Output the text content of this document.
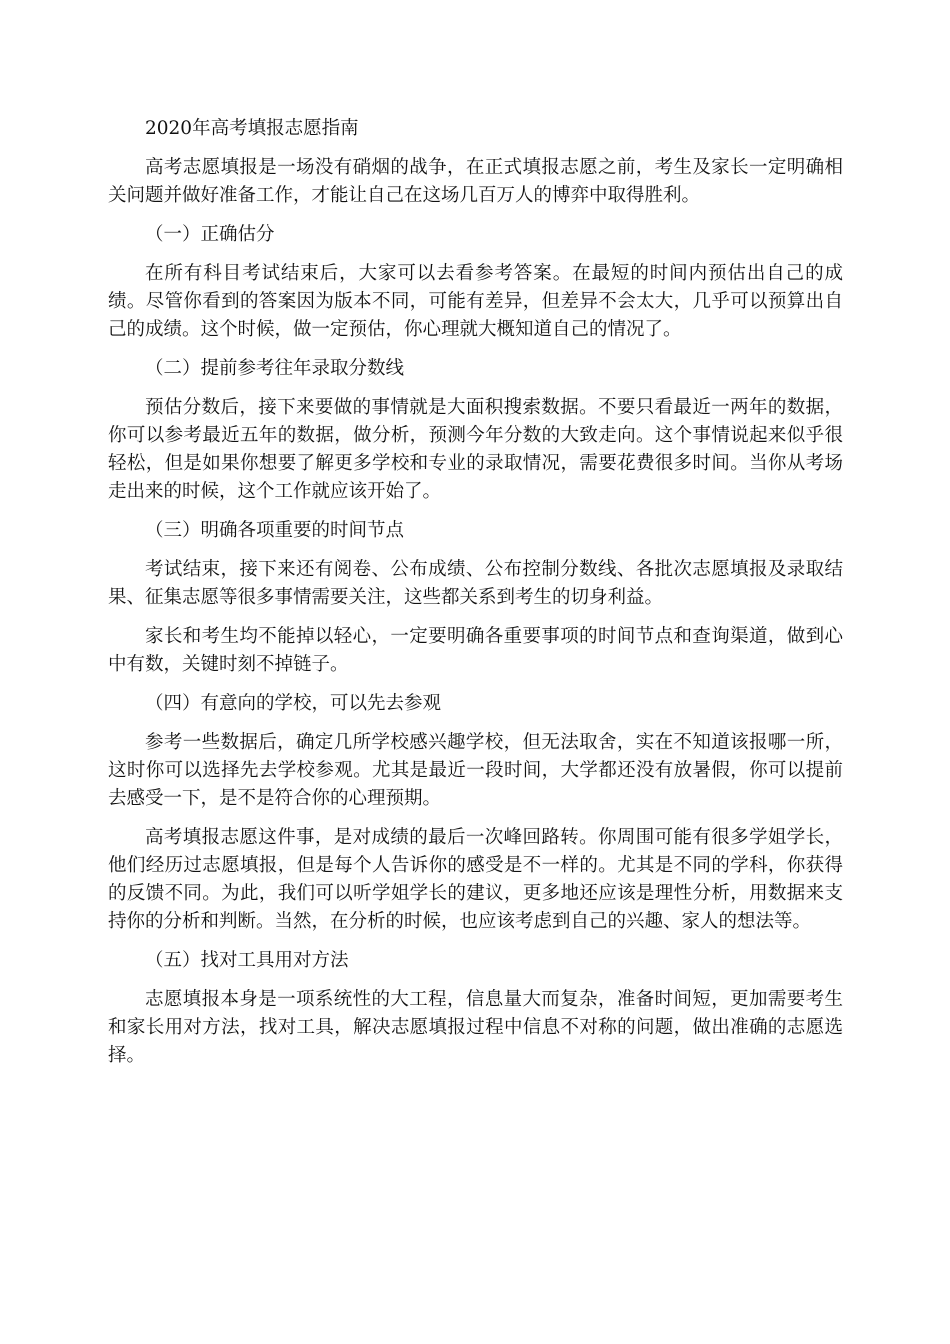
2020年高考填报志愿指南

高考志愿填报是一场没有硝烟的战争，在正式填报志愿之前，考生及家长一定明确相关问题并做好准备工作，才能让自己在这场几百万人的博弈中取得胜利。

（一）正确估分

在所有科目考试结束后，大家可以去看参考答案。在最短的时间内预估出自己的成绩。尽管你看到的答案因为版本不同，可能有差异，但差异不会太大，几乎可以预算出自己的成绩。这个时候，做一定预估，你心理就大概知道自己的情况了。

（二）提前参考往年录取分数线

预估分数后，接下来要做的事情就是大面积搜索数据。不要只看最近一两年的数据，你可以参考最近五年的数据，做分析，预测今年分数的大致走向。这个事情说起来似乎很轻松，但是如果你想要了解更多学校和专业的录取情况，需要花费很多时间。当你从考场走出来的时候，这个工作就应该开始了。

（三）明确各项重要的时间节点

考试结束，接下来还有阅卷、公布成绩、公布控制分数线、各批次志愿填报及录取结果、征集志愿等很多事情需要关注，这些都关系到考生的切身利益。

家长和考生均不能掉以轻心，一定要明确各重要事项的时间节点和查询渠道，做到心中有数，关键时刻不掉链子。

（四）有意向的学校，可以先去参观

参考一些数据后，确定几所学校感兴趣学校，但无法取舍，实在不知道该报哪一所，这时你可以选择先去学校参观。尤其是最近一段时间，大学都还没有放暑假，你可以提前去感受一下，是不是符合你的心理预期。

高考填报志愿这件事，是对成绩的最后一次峰回路转。你周围可能有很多学姐学长，他们经历过志愿填报，但是每个人告诉你的感受是不一样的。尤其是不同的学科，你获得的反馈不同。为此，我们可以听学姐学长的建议，更多地还应该是理性分析，用数据来支持你的分析和判断。当然，在分析的时候，也应该考虑到自己的兴趣、家人的想法等。

（五）找对工具用对方法

志愿填报本身是一项系统性的大工程，信息量大而复杂，准备时间短，更加需要考生和家长用对方法，找对工具，解决志愿填报过程中信息不对称的问题，做出准确的志愿选择。
